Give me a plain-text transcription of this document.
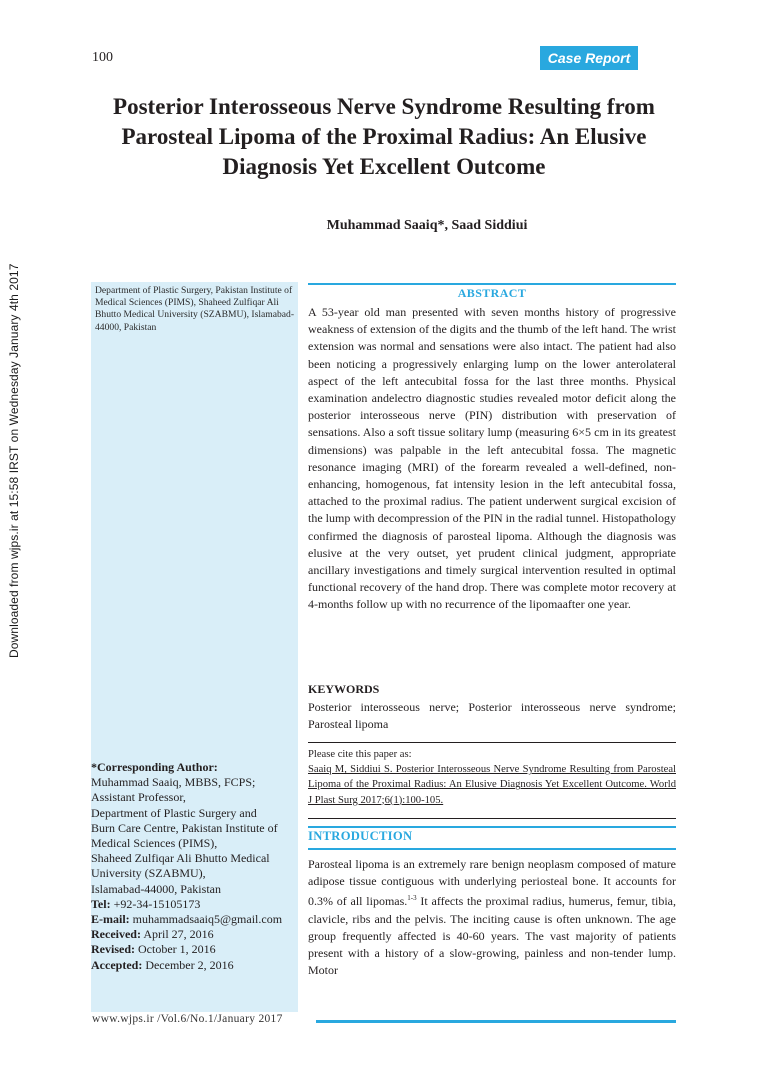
Downloaded from wjps.ir at 15:58 IRST on Wednesday January 4th 2017
100	Case Report
Posterior Interosseous Nerve Syndrome Resulting from Parosteal Lipoma of the Proximal Radius: An Elusive Diagnosis Yet Excellent Outcome
Muhammad Saaiq*, Saad Siddiui
Department of Plastic Surgery, Pakistan Institute of Medical Sciences (PIMS), Shaheed Zulfiqar Ali Bhutto Medical University (SZABMU), Islamabad-44000, Pakistan
ABSTRACT
A 53-year old man presented with seven months history of progressive weakness of extension of the digits and the thumb of the left hand. The wrist extension was normal and sensations were also intact. The patient had also been noticing a progressively enlarging lump on the lower anterolateral aspect of the left antecubital fossa for the last three months. Physical examination andelectro diagnostic studies revealed motor deficit along the posterior interosseous nerve (PIN) distribution with preservation of sensations. Also a soft tissue solitary lump (measuring 6×5 cm in its greatest dimensions) was palpable in the left antecubital fossa. The magnetic resonance imaging (MRI) of the forearm revealed a well-defined, non-enhancing, homogenous, fat intensity lesion in the left antecubital fossa, attached to the proximal radius. The patient underwent surgical excision of the lump with decompression of the PIN in the radial tunnel. Histopathology confirmed the diagnosis of parosteal lipoma. Although the diagnosis was elusive at the very outset, yet prudent clinical judgment, appropriate ancillary investigations and timely surgical intervention resulted in optimal functional recovery of the hand drop. There was complete motor recovery at 4-months follow up with no recurrence of the lipomaafter one year.
KEYWORDS
Posterior interosseous nerve; Posterior interosseous nerve syndrome; Parosteal lipoma
Please cite this paper as:
Saaiq M, Siddiui S. Posterior Interosseous Nerve Syndrome Resulting from Parosteal Lipoma of the Proximal Radius: An Elusive Diagnosis Yet Excellent Outcome. World J Plast Surg 2017;6(1):100-105.
INTRODUCTION
Parosteal lipoma is an extremely rare benign neoplasm composed of mature adipose tissue contiguous with underlying periosteal bone. It accounts for 0.3% of all lipomas.$^{1-3}$ It affects the proximal radius, humerus, femur, tibia, clavicle, ribs and the pelvis. The inciting cause is often unknown. The age group frequently affected is 40-60 years. The vast majority of patients present with a history of a slow-growing, painless and non-tender lump. Motor
*Corresponding Author:
Muhammad Saaiq, MBBS, FCPS;
Assistant Professor,
Department of Plastic Surgery and
Burn Care Centre, Pakistan Institute of
Medical Sciences (PIMS),
Shaheed Zulfiqar Ali Bhutto Medical
University (SZABMU),
Islamabad-44000, Pakistan
Tel: +92-34-15105173
E-mail: muhammadsaaiq5@gmail.com
Received: April 27, 2016
Revised: October 1, 2016
Accepted: December 2, 2016
www.wjps.ir /Vol.6/No.1/January 2017
